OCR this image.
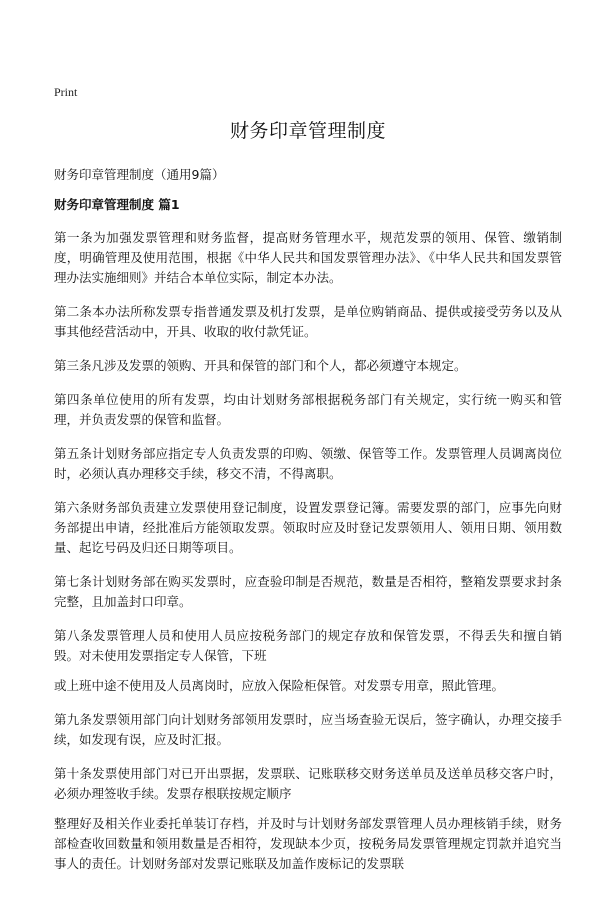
Print
财务印章管理制度
财务印章管理制度（通用9篇）
财务印章管理制度 篇1
第一条为加强发票管理和财务监督，提高财务管理水平，规范发票的领用、保管、缴销制度，明确管理及使用范围，根据《中华人民共和国发票管理办法》、《中华人民共和国发票管理办法实施细则》并结合本单位实际，制定本办法。
第二条本办法所称发票专指普通发票及机打发票，是单位购销商品、提供或接受劳务以及从事其他经营活动中，开具、收取的收付款凭证。
第三条凡涉及发票的领购、开具和保管的部门和个人，都必须遵守本规定。
第四条单位使用的所有发票，均由计划财务部根据税务部门有关规定，实行统一购买和管理，并负责发票的保管和监督。
第五条计划财务部应指定专人负责发票的印购、领缴、保管等工作。发票管理人员调离岗位时，必须认真办理移交手续，移交不清，不得离职。
第六条财务部负责建立发票使用登记制度，设置发票登记簿。需要发票的部门，应事先向财务部提出申请，经批准后方能领取发票。领取时应及时登记发票领用人、领用日期、领用数量、起讫号码及归还日期等项目。
第七条计划财务部在购买发票时，应查验印制是否规范，数量是否相符，整箱发票要求封条完整，且加盖封口印章。
第八条发票管理人员和使用人员应按税务部门的规定存放和保管发票，不得丢失和擅自销毁。对未使用发票指定专人保管，下班
或上班中途不使用及人员离岗时，应放入保险柜保管。对发票专用章，照此管理。
第九条发票领用部门向计划财务部领用发票时，应当场查验无误后，签字确认，办理交接手续，如发现有误，应及时汇报。
第十条发票使用部门对已开出票据，发票联、记账联移交财务送单员及送单员移交客户时，必须办理签收手续。发票存根联按规定顺序
整理好及相关作业委托单装订存档，并及时与计划财务部发票管理人员办理核销手续，财务部检查收回数量和领用数量是否相符，发现缺本少页，按税务局发票管理规定罚款并追究当事人的责任。计划财务部对发票记账联及加盖作废标记的发票联
